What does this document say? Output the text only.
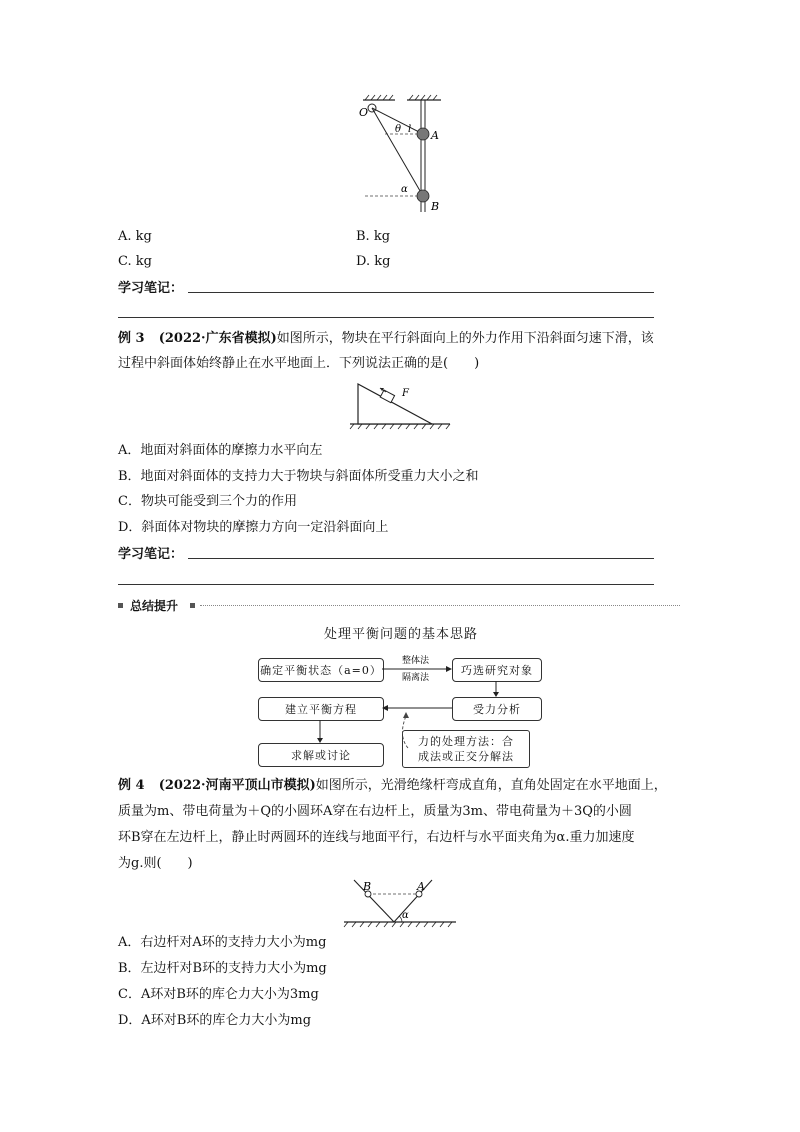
O
θ l A
α
B
A. kg	B. kg
C. kg	D. kg
学习笔记：
例 3 (2022·广东省模拟)如图所示，物块在平行斜面向上的外力作用下沿斜面匀速下滑，该
过程中斜面体始终静止在水平地面上．下列说法正确的是(　　)
F
A．地面对斜面体的摩擦力水平向左
B．地面对斜面体的支持力大于物块与斜面体所受重力大小之和
C．物块可能受到三个力的作用
D．斜面体对物块的摩擦力方向一定沿斜面向上
学习笔记：
总结提升
处理平衡问题的基本思路
确定平衡状态（a=0）	巧选研究对象
建立平衡方程	受力分析
求解或讨论
力的处理方法：合
成法或正交分解法
整体法
隔离法
例 4 (2022·河南平顶山市模拟)如图所示，光滑绝缘杆弯成直角，直角处固定在水平地面上，
质量为m、带电荷量为＋Q的小圆环A穿在右边杆上，质量为3m、带电荷量为＋3Q的小圆
环B穿在左边杆上，静止时两圆环的连线与地面平行，右边杆与水平面夹角为α.重力加速度
为g.则(　　)
B	A
α
A．右边杆对A环的支持力大小为mg
B．左边杆对B环的支持力大小为mg
C．A环对B环的库仑力大小为3mg
D．A环对B环的库仑力大小为mg
